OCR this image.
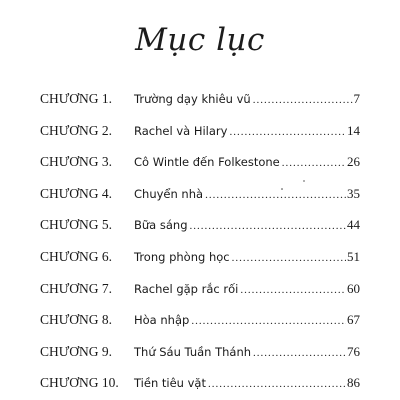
Mục lục
CHƯƠNG 1.	Trường dạy khiêu vũ .....	7
CHƯƠNG 2.	Rachel và Hilary .....	14
CHƯƠNG 3.	Cô Wintle đến Folkestone .....	26
CHƯƠNG 4.	Chuyển nhà .....	35
CHƯƠNG 5.	Bữa sáng .....	44
CHƯƠNG 6.	Trong phòng học .....	51
CHƯƠNG 7.	Rachel gặp rắc rối .....	60
CHƯƠNG 8.	Hòa nhập .....	67
CHƯƠNG 9.	Thứ Sáu Tuần Thánh .....	76
CHƯƠNG 10.	Tiền tiêu vặt .....	86
